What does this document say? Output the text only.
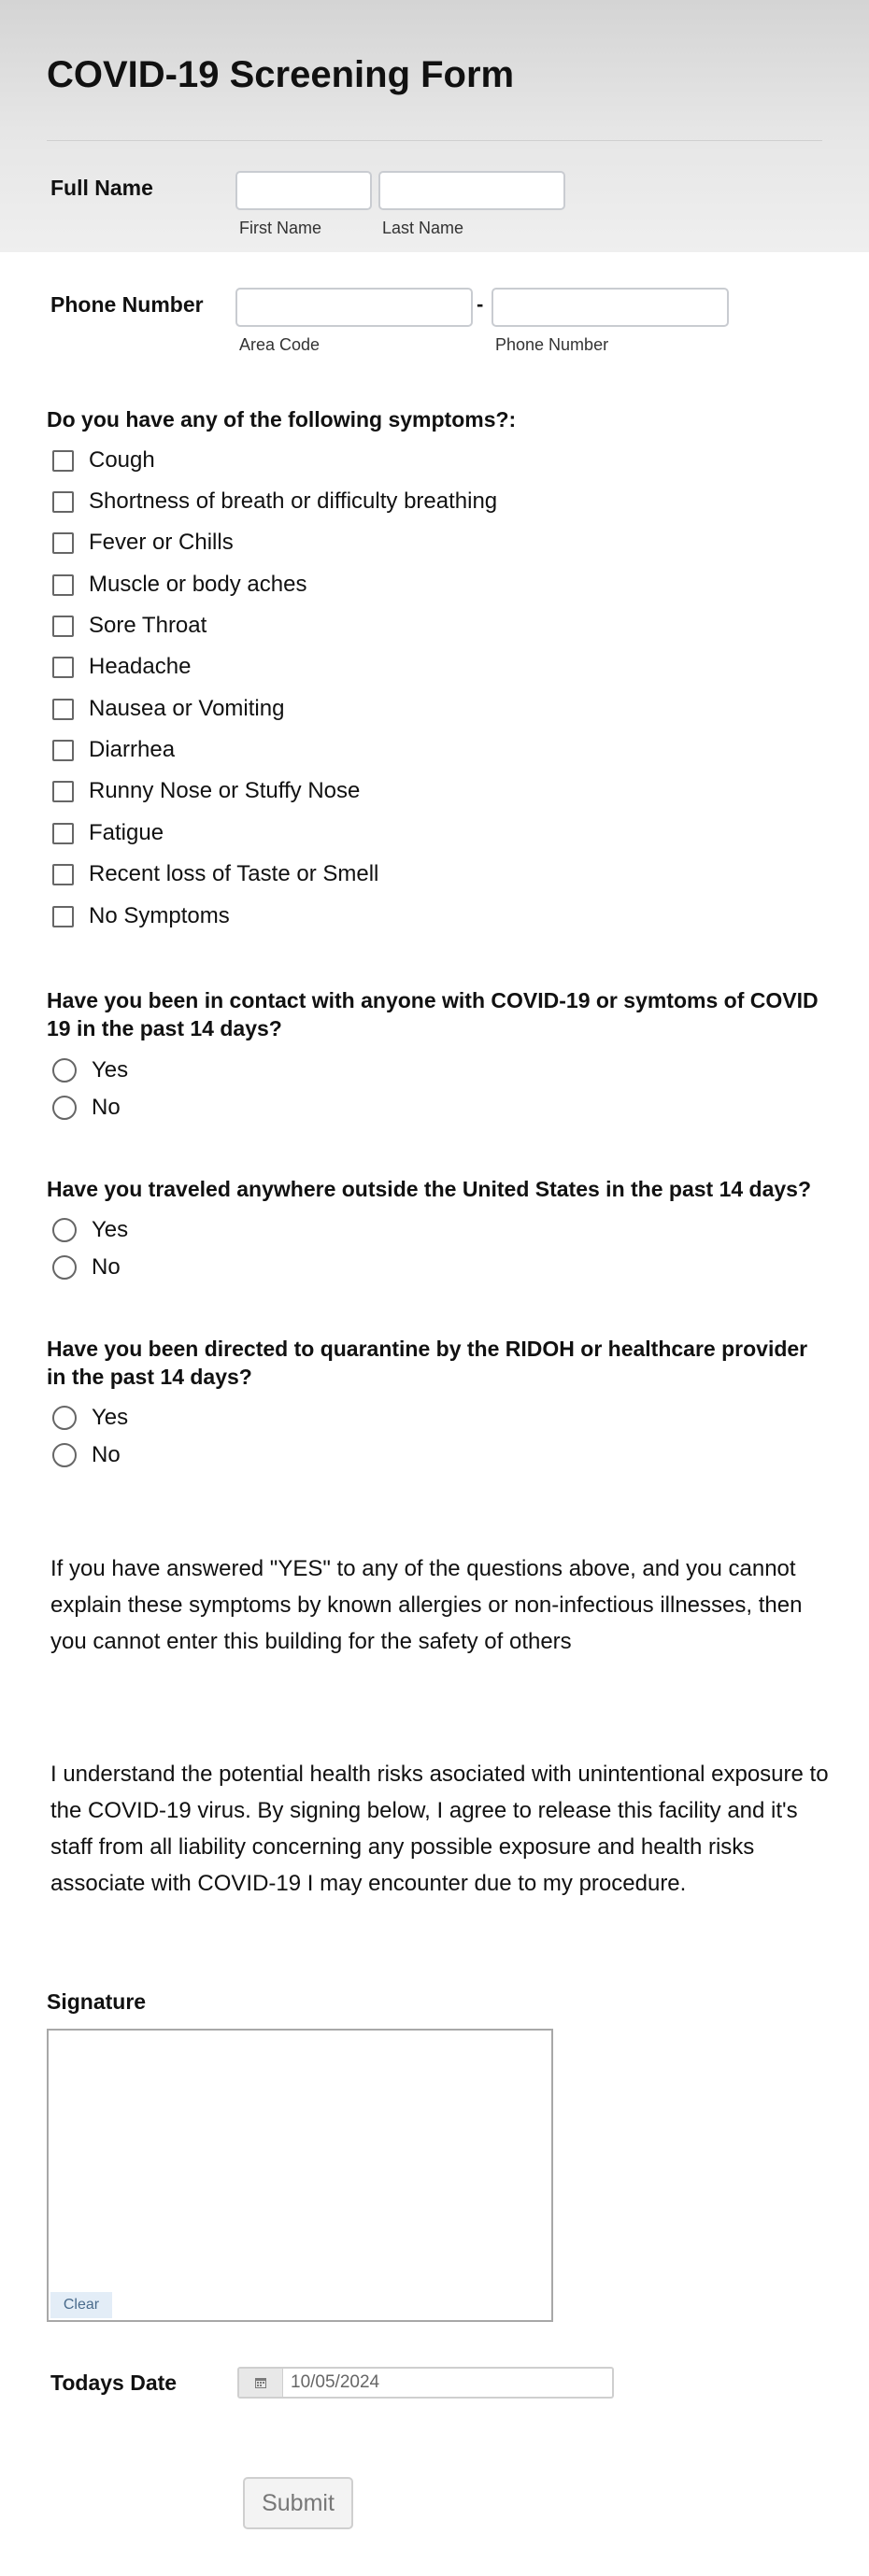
COVID-19 Screening Form
Full Name
First Name	Last Name
Phone Number	-
Area Code	Phone Number
Do you have any of the following symptoms?:
Cough
Shortness of breath or difficulty breathing
Fever or Chills
Muscle or body aches
Sore Throat
Headache
Nausea or Vomiting
Diarrhea
Runny Nose or Stuffy Nose
Fatigue
Recent loss of Taste or Smell
No Symptoms
Have you been in contact with anyone with COVID-19 or symtoms of COVID 19 in the past 14 days?
Yes
No
Have you traveled anywhere outside the United States in the past 14 days?
Yes
No
Have you been directed to quarantine by the RIDOH or healthcare provider in the past 14 days?
Yes
No
If you have answered "YES" to any of the questions above, and you cannot explain these symptoms by known allergies or non-infectious illnesses, then you cannot enter this building for the safety of others
I understand the potential health risks asociated with unintentional exposure to the COVID-19 virus. By signing below, I agree to release this facility and it's staff from all liability concerning any possible exposure and health risks associate with COVID-19 I may encounter due to my procedure.
Signature
Clear
Todays Date	10/05/2024
Submit
